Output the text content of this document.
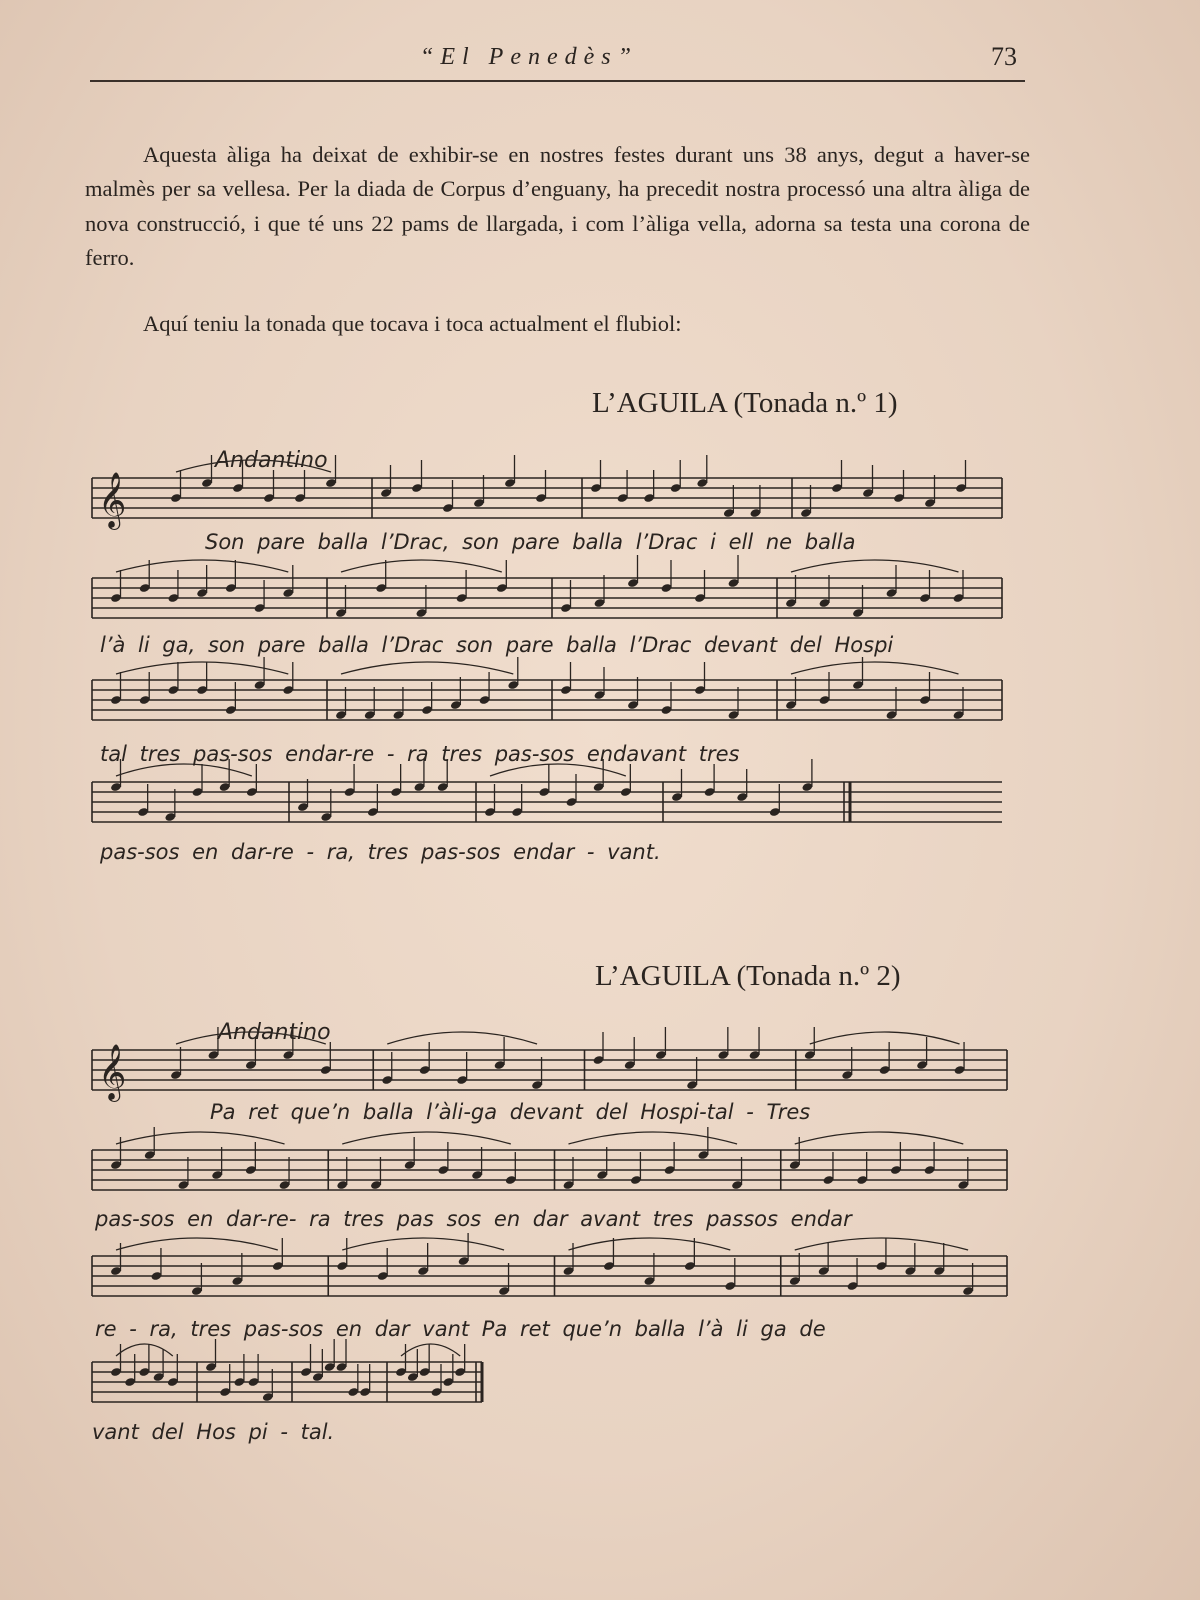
“El Penedès”	73

Aquesta àliga ha deixat de exhibir-se en nostres festes durant uns 38 anys, degut a haver-se malmès per sa vellesa. Per la diada de Corpus d’enguany, ha precedit nostra processó una altra àliga de nova construcció, i que té uns 22 pams de llargada, i com l’àliga vella, adorna sa testa una corona de ferro.

Aquí teniu la tonada que tocava i toca actualment el flubiol:

L’AGUILA (Tonada n.º 1)
Andantino
𝄞
𝄞
Son pare balla l’Drac, son pare balla l’Drac i ell ne balla
l’à li ga, son pare balla l’Drac son pare balla l’Drac devant del Hospi
tal tres pas-sos endar-re - ra tres pas-sos endavant tres
pas-sos en dar-re - ra, tres pas-sos endar - vant.
L’AGUILA (Tonada n.º 2)
Andantino
Pa ret que’n balla l’àli-ga devant del Hospi-tal - Tres
pas-sos en dar-re- ra tres pas sos en dar avant tres passos endar
re - ra, tres pas-sos en dar vant Pa ret que’n balla l’à li ga de
vant del Hos pi - tal.
